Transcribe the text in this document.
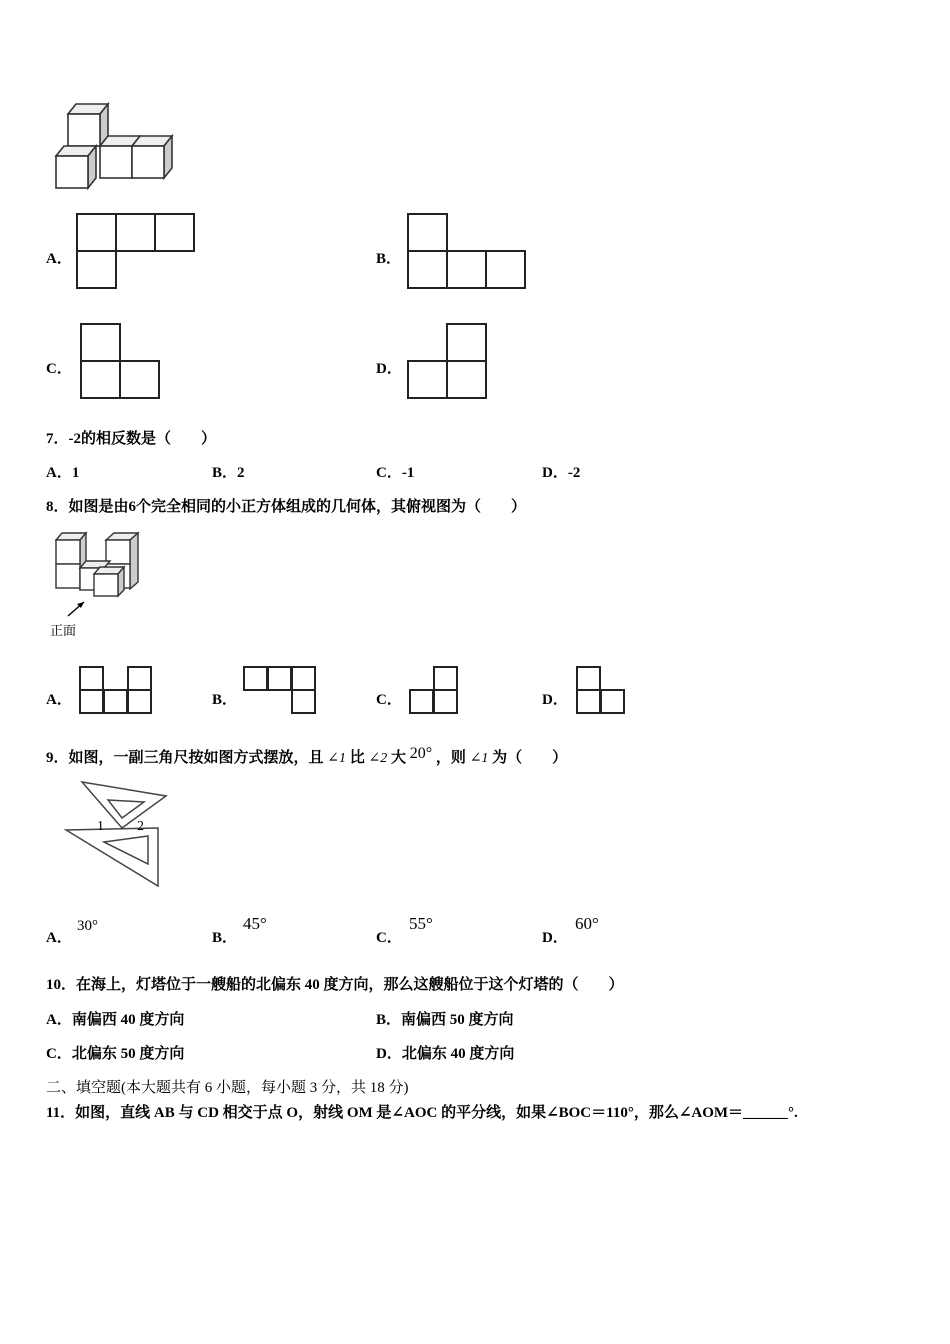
A．	B．
C．	D．
7．-2的相反数是（　　）
A．1	B．2	C．-1	D．-2
8．如图是由6个完全相同的小正方体组成的几何体，其俯视图为（　　）
正面
A．	B．	C．	D．
9．如图，一副三角尺按如图方式摆放，且 ∠1 比 ∠2 大 20° ，则 ∠1 为（　　）
1 2
A．
30°
B．
45°
C．
55°
D．
60°
10．在海上，灯塔位于一艘船的北偏东 40 度方向，那么这艘船位于这个灯塔的（　　）
A．南偏西 40 度方向	B．南偏西 50 度方向
C．北偏东 50 度方向	D．北偏东 40 度方向
二、填空题(本大题共有 6 小题，每小题 3 分，共 18 分)
11．如图，直线 AB 与 CD 相交于点 O，射线 OM 是∠AOC 的平分线，如果∠BOC＝110°，那么∠AOM＝______°.
